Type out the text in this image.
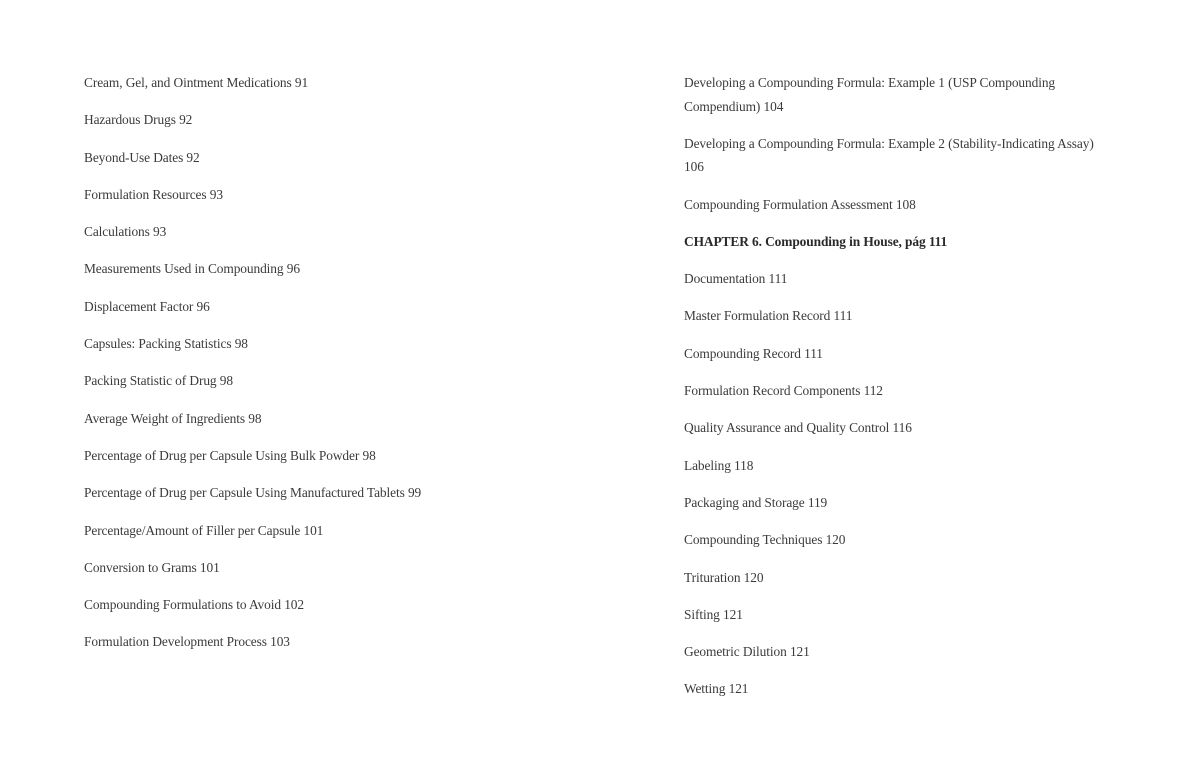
Cream, Gel, and Ointment Medications 91
Hazardous Drugs 92
Beyond-Use Dates 92
Formulation Resources 93
Calculations 93
Measurements Used in Compounding 96
Displacement Factor 96
Capsules: Packing Statistics 98
Packing Statistic of Drug 98
Average Weight of Ingredients 98
Percentage of Drug per Capsule Using Bulk Powder 98
Percentage of Drug per Capsule Using Manufactured Tablets 99
Percentage/Amount of Filler per Capsule 101
Conversion to Grams 101
Compounding Formulations to Avoid 102
Formulation Development Process 103
Developing a Compounding Formula: Example 1 (USP Compounding Compendium) 104
Developing a Compounding Formula: Example 2 (Stability-Indicating Assay) 106
Compounding Formulation Assessment 108
CHAPTER 6. Compounding in House, pág 111
Documentation 111
Master Formulation Record 111
Compounding Record 111
Formulation Record Components 112
Quality Assurance and Quality Control 116
Labeling 118
Packaging and Storage 119
Compounding Techniques 120
Trituration 120
Sifting 121
Geometric Dilution 121
Wetting 121
